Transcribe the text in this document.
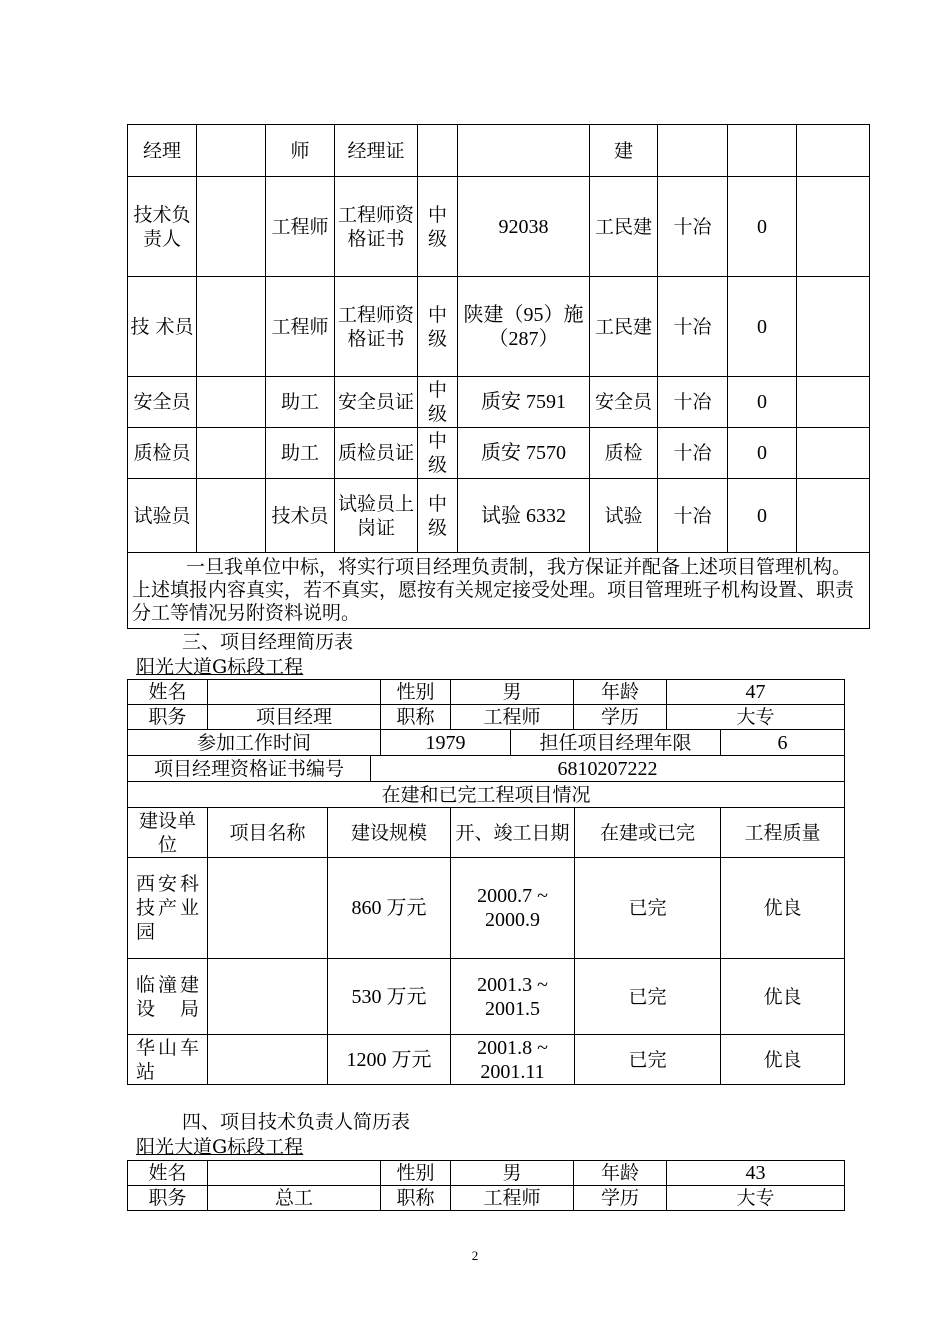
经理		师	经理证			建			
技术负责人		工程师	工程师资格证书	中级	92038	工民建	十冶	0	
技 术员		工程师	工程师资格证书	中级	陕建（95）施（287）	工民建	十冶	0	
安全员		助工	安全员证	中级	质安 7591	安全员	十冶	0	
质检员		助工	质检员证	中级	质安 7570	质检	十冶	0	
试验员		技术员	试验员上岗证	中级	试验 6332	试验	十冶	0	
一旦我单位中标，将实行项目经理负责制，我方保证并配备上述项目管理机构。上述填报内容真实，若不真实，愿按有关规定接受处理。项目管理班子机构设置、职责分工等情况另附资料说明。									
三、项目经理简历表
阳光大道G标段工程
姓名		性别	男	年龄	47
职务	项目经理	职称	工程师	学历	大专
参加工作时间	1979	担任项目经理年限	6
项目经理资格证书编号	6810207222
在建和已完工程项目情况					
建设单位	项目名称	建设规模	开、竣工日期	在建或已完	工程质量
西安科技产业园		860 万元	2000.7 ~ 2000.9	已完	优良
临潼建设局		530 万元	2001.3 ~ 2001.5	已完	优良
华山车站		1200 万元	2001.8 ~ 2001.11	已完	优良
四、项目技术负责人简历表
阳光大道G标段工程
姓名		性别	男	年龄	43
职务	总工	职称	工程师	学历	大专
2
